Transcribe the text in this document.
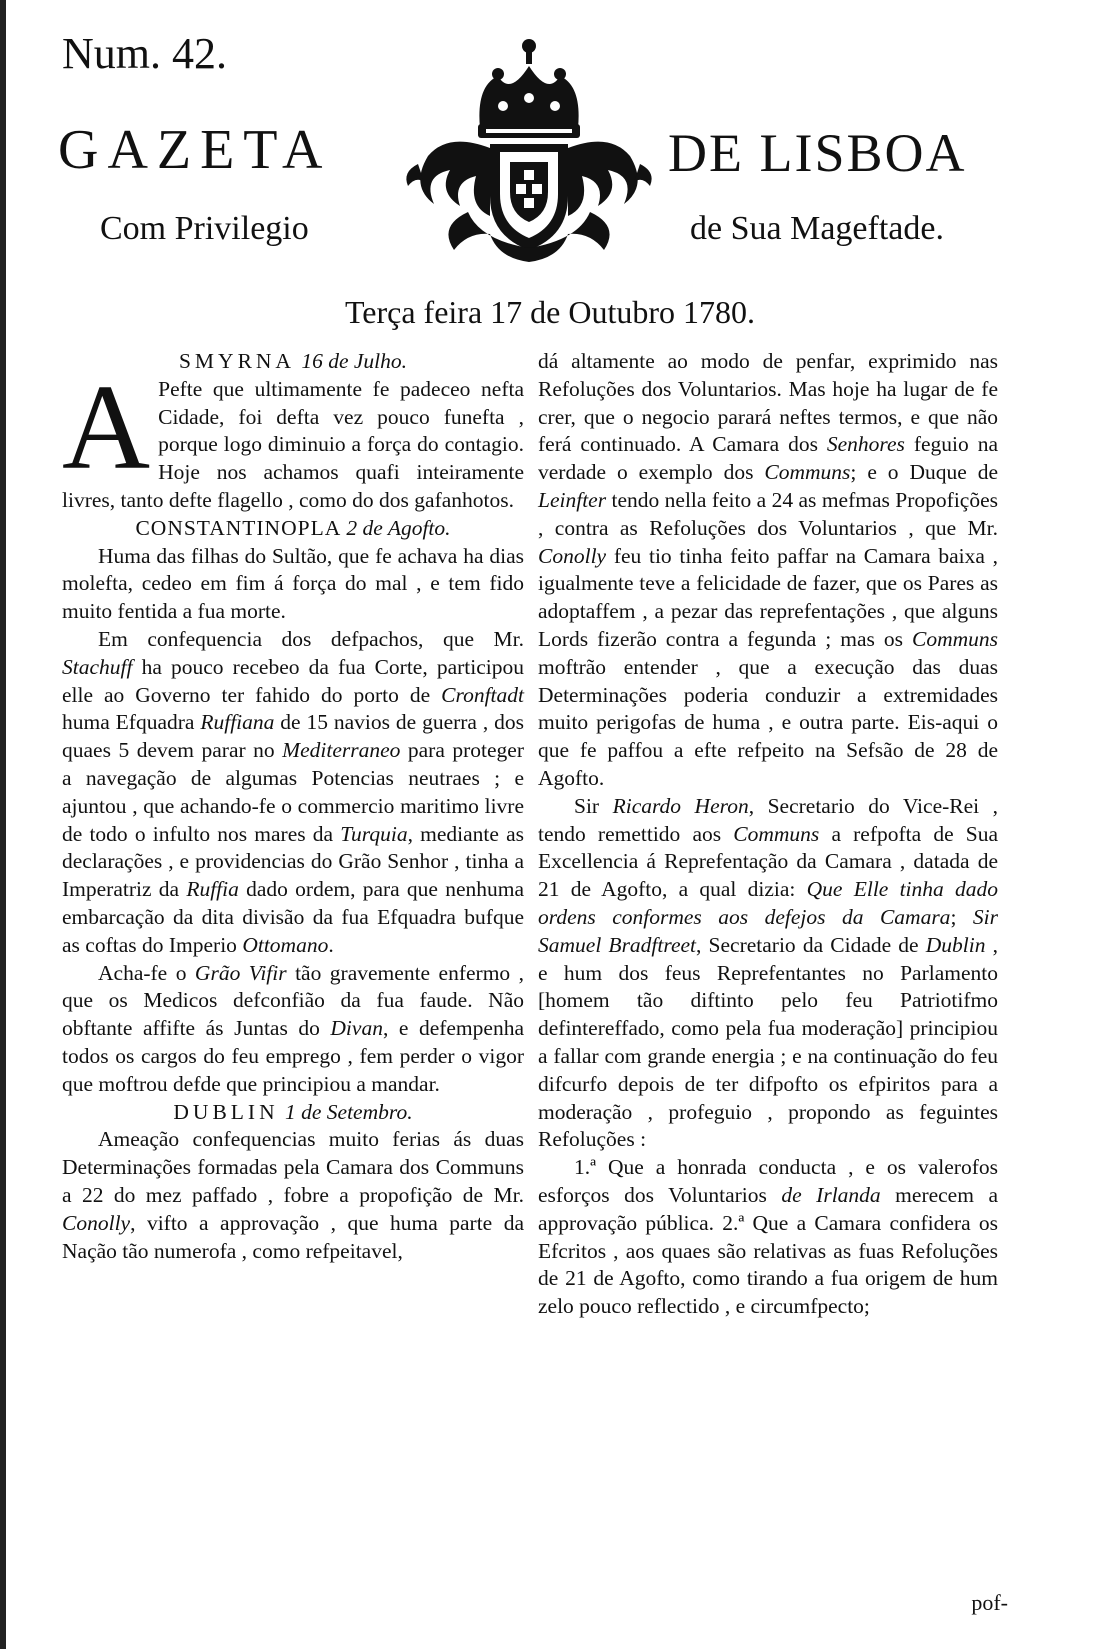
Num. 42.
GAZETA	DE LISBOA
Com Privilegio	de Sua Mageftade.
Terça feira 17 de Outubro 1780.
SMYRNA 16 de Julho.

A Pefte que ultimamente fe padeceo nefta Cidade, foi defta vez pouco funefta , porque logo diminuio a força do contagio. Hoje nos achamos quafi inteiramente livres, tanto defte flagello , como do dos gafanhotos.

CONSTANTINOPLA 2 de Agofto.

Huma das filhas do Sultão, que fe achava ha dias molefta, cedeo em fim á força do mal , e tem fido muito fentida a fua morte.

Em confequencia dos defpachos, que Mr. Stachuff ha pouco recebeo da fua Corte, participou elle ao Governo ter fahido do porto de Cronftadt huma Efquadra Ruffiana de 15 navios de guerra , dos quaes 5 devem parar no Mediterraneo para proteger a navegação de algumas Potencias neutraes ; e ajuntou , que achando-fe o commercio maritimo livre de todo o infulto nos mares da Turquia, mediante as declarações , e providencias do Grão Senhor , tinha a Imperatriz da Ruffia dado ordem, para que nenhuma embarcação da dita divisão da fua Efquadra bufque as coftas do Imperio Ottomano.

Acha-fe o Grão Vifir tão gravemente enfermo , que os Medicos defconfião da fua faude. Não obftante affifte ás Juntas do Divan, e defempenha todos os cargos do feu emprego , fem perder o vigor que moftrou defde que principiou a mandar.

DUBLIN 1 de Setembro.

Ameação confequencias muito ferias ás duas Determinações formadas pela Camara dos Communs a 22 do mez paffado , fobre a propofição de Mr. Conolly, vifto a approvação , que huma parte da Nação tão numerofa , como refpeitavel,

dá altamente ao modo de penfar, exprimido nas Refoluções dos Voluntarios. Mas hoje ha lugar de fe crer, que o negocio parará neftes termos, e que não ferá continuado. A Camara dos Senhores feguio na verdade o exemplo dos Communs; e o Duque de Leinfter tendo nella feito a 24 as mefmas Propofições , contra as Refoluções dos Voluntarios , que Mr. Conolly feu tio tinha feito paffar na Camara baixa , igualmente teve a felicidade de fazer, que os Pares as adoptaffem , a pezar das reprefentações , que alguns Lords fizerão contra a fegunda ; mas os Communs moftrão entender , que a execução das duas Determinações poderia conduzir a extremidades muito perigofas de huma , e outra parte. Eis-aqui o que fe paffou a efte refpeito na Sefsão de 28 de Agofto.

Sir Ricardo Heron, Secretario do Vice-Rei , tendo remettido aos Communs a refpofta de Sua Excellencia á Reprefentação da Camara , datada de 21 de Agofto, a qual dizia: Que Elle tinha dado ordens conformes aos defejos da Camara; Sir Samuel Bradftreet, Secretario da Cidade de Dublin , e hum dos feus Reprefentantes no Parlamento [homem tão diftinto pelo feu Patriotifmo defintereffado, como pela fua moderação] principiou a fallar com grande energia ; e na continuação do feu difcurfo depois de ter difpofto os efpiritos para a moderação , profeguio , propondo as feguintes Refoluções :

1.ª Que a honrada conducta , e os valerofos esforços dos Voluntarios de Irlanda merecem a approvação pública. 2.ª Que a Camara confidera os Efcritos , aos quaes são relativas as fuas Refoluções de 21 de Agofto, como tirando a fua origem de hum zelo pouco reflectido , e circumfpecto;

pof-
